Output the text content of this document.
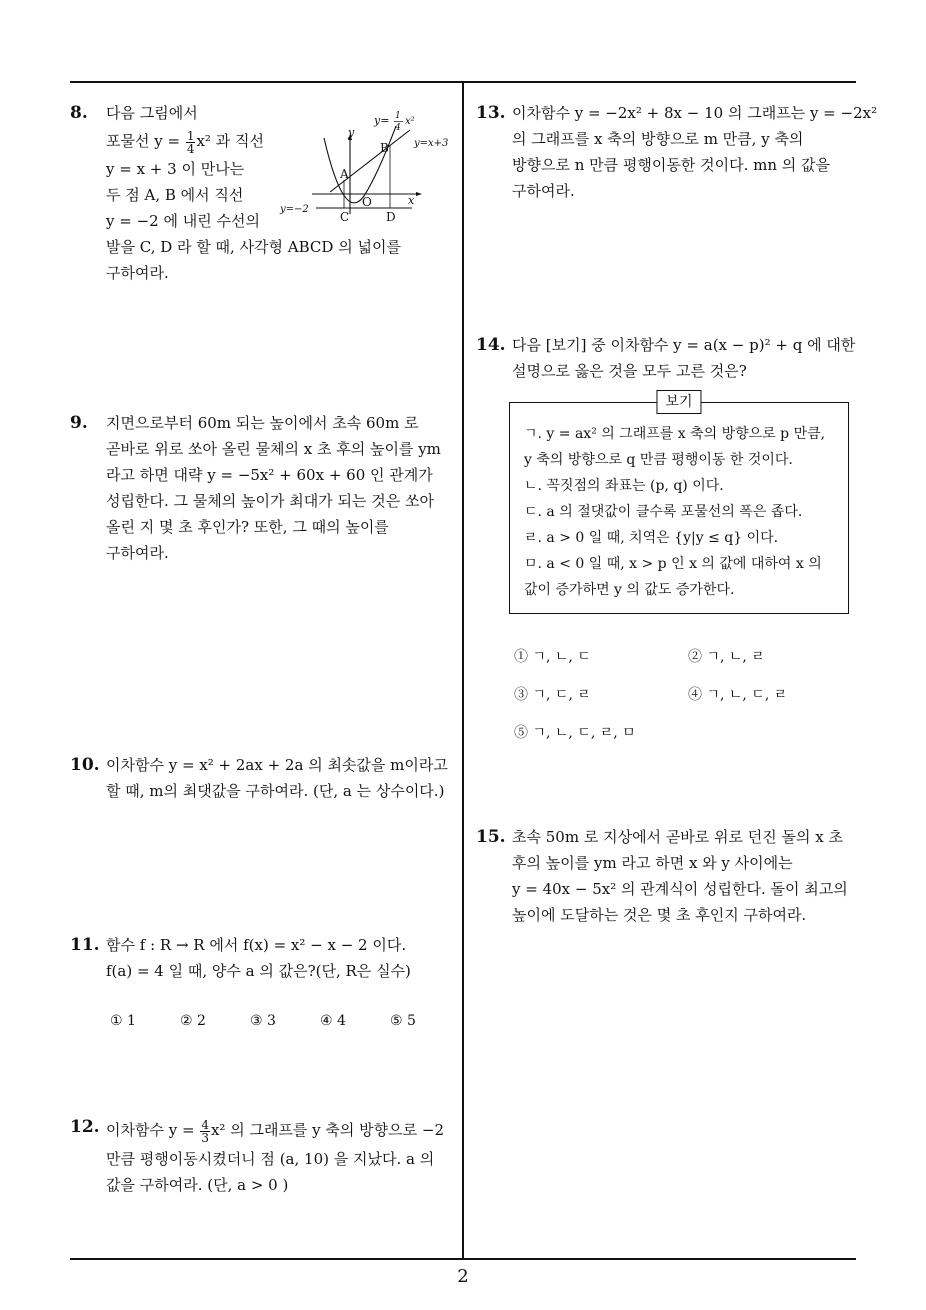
8. 다음 그림에서
포물선 $y = \frac{1}{4} x^2$ 과 직선
y = x + 3 이 만나는
두 점 A, B 에서 직선
y = −2 에 내린 수선의
발을 C, D 라 할 때, 사각형 ABCD 의 넓이를
구하여라.
y
x
y= 1
4
x²
y=x+3
y=−2
A
B
C	D
O
9. 지면으로부터 60m 되는 높이에서 초속 60m 로
곧바로 위로 쏘아 올린 물체의 x 초 후의 높이를 ym
라고 하면 대략 y = −5x² + 60x + 60 인 관계가
성립한다. 그 물체의 높이가 최대가 되는 것은 쏘아
올린 지 몇 초 후인가? 또한, 그 때의 높이를
구하여라.
10. 이차함수 y = x² + 2ax + 2a 의 최솟값을 m이라고
할 때, m의 최댓값을 구하여라. (단, a 는 상수이다.)
11. 함수 f : R → R 에서 f(x) = x² − x − 2 이다.
f(a) = 4 일 때, 양수 a 의 값은?(단, R은 실수)
① 1	② 2	③ 3	④ 4	⑤ 5
12. 이차함수 $y = \frac{4}{3} x^2$ 의 그래프를 y 축의 방향으로 −2
만큼 평행이동시켰더니 점 (a, 10) 을 지났다. a 의
값을 구하여라. (단, a > 0 )
13. 이차함수 y = −2x² + 8x − 10 의 그래프는 y = −2x²
의 그래프를 x 축의 방향으로 m 만큼, y 축의
방향으로 n 만큼 평행이동한 것이다. mn 의 값을
구하여라.
14. 다음 [보기] 중 이차함수 y = a(x − p)² + q 에 대한
설명으로 옳은 것을 모두 고른 것은?
보기
ㄱ. y = ax² 의 그래프를 x 축의 방향으로 p 만큼,
y 축의 방향으로 q 만큼 평행이동 한 것이다.
ㄴ. 꼭짓점의 좌표는 (p, q) 이다.
ㄷ. a 의 절댓값이 클수록 포물선의 폭은 좁다.
ㄹ. a > 0 일 때, 치역은 {y|y ≤ q} 이다.
ㅁ. a < 0 일 때, x > p 인 x 의 값에 대하여 x 의
값이 증가하면 y 의 값도 증가한다.
① ㄱ, ㄴ, ㄷ	② ㄱ, ㄴ, ㄹ
③ ㄱ, ㄷ, ㄹ	④ ㄱ, ㄴ, ㄷ, ㄹ
⑤ ㄱ, ㄴ, ㄷ, ㄹ, ㅁ
15. 초속 50m 로 지상에서 곧바로 위로 던진 돌의 x 초
후의 높이를 ym 라고 하면 x 와 y 사이에는
y = 40x − 5x² 의 관계식이 성립한다. 돌이 최고의
높이에 도달하는 것은 몇 초 후인지 구하여라.
2
